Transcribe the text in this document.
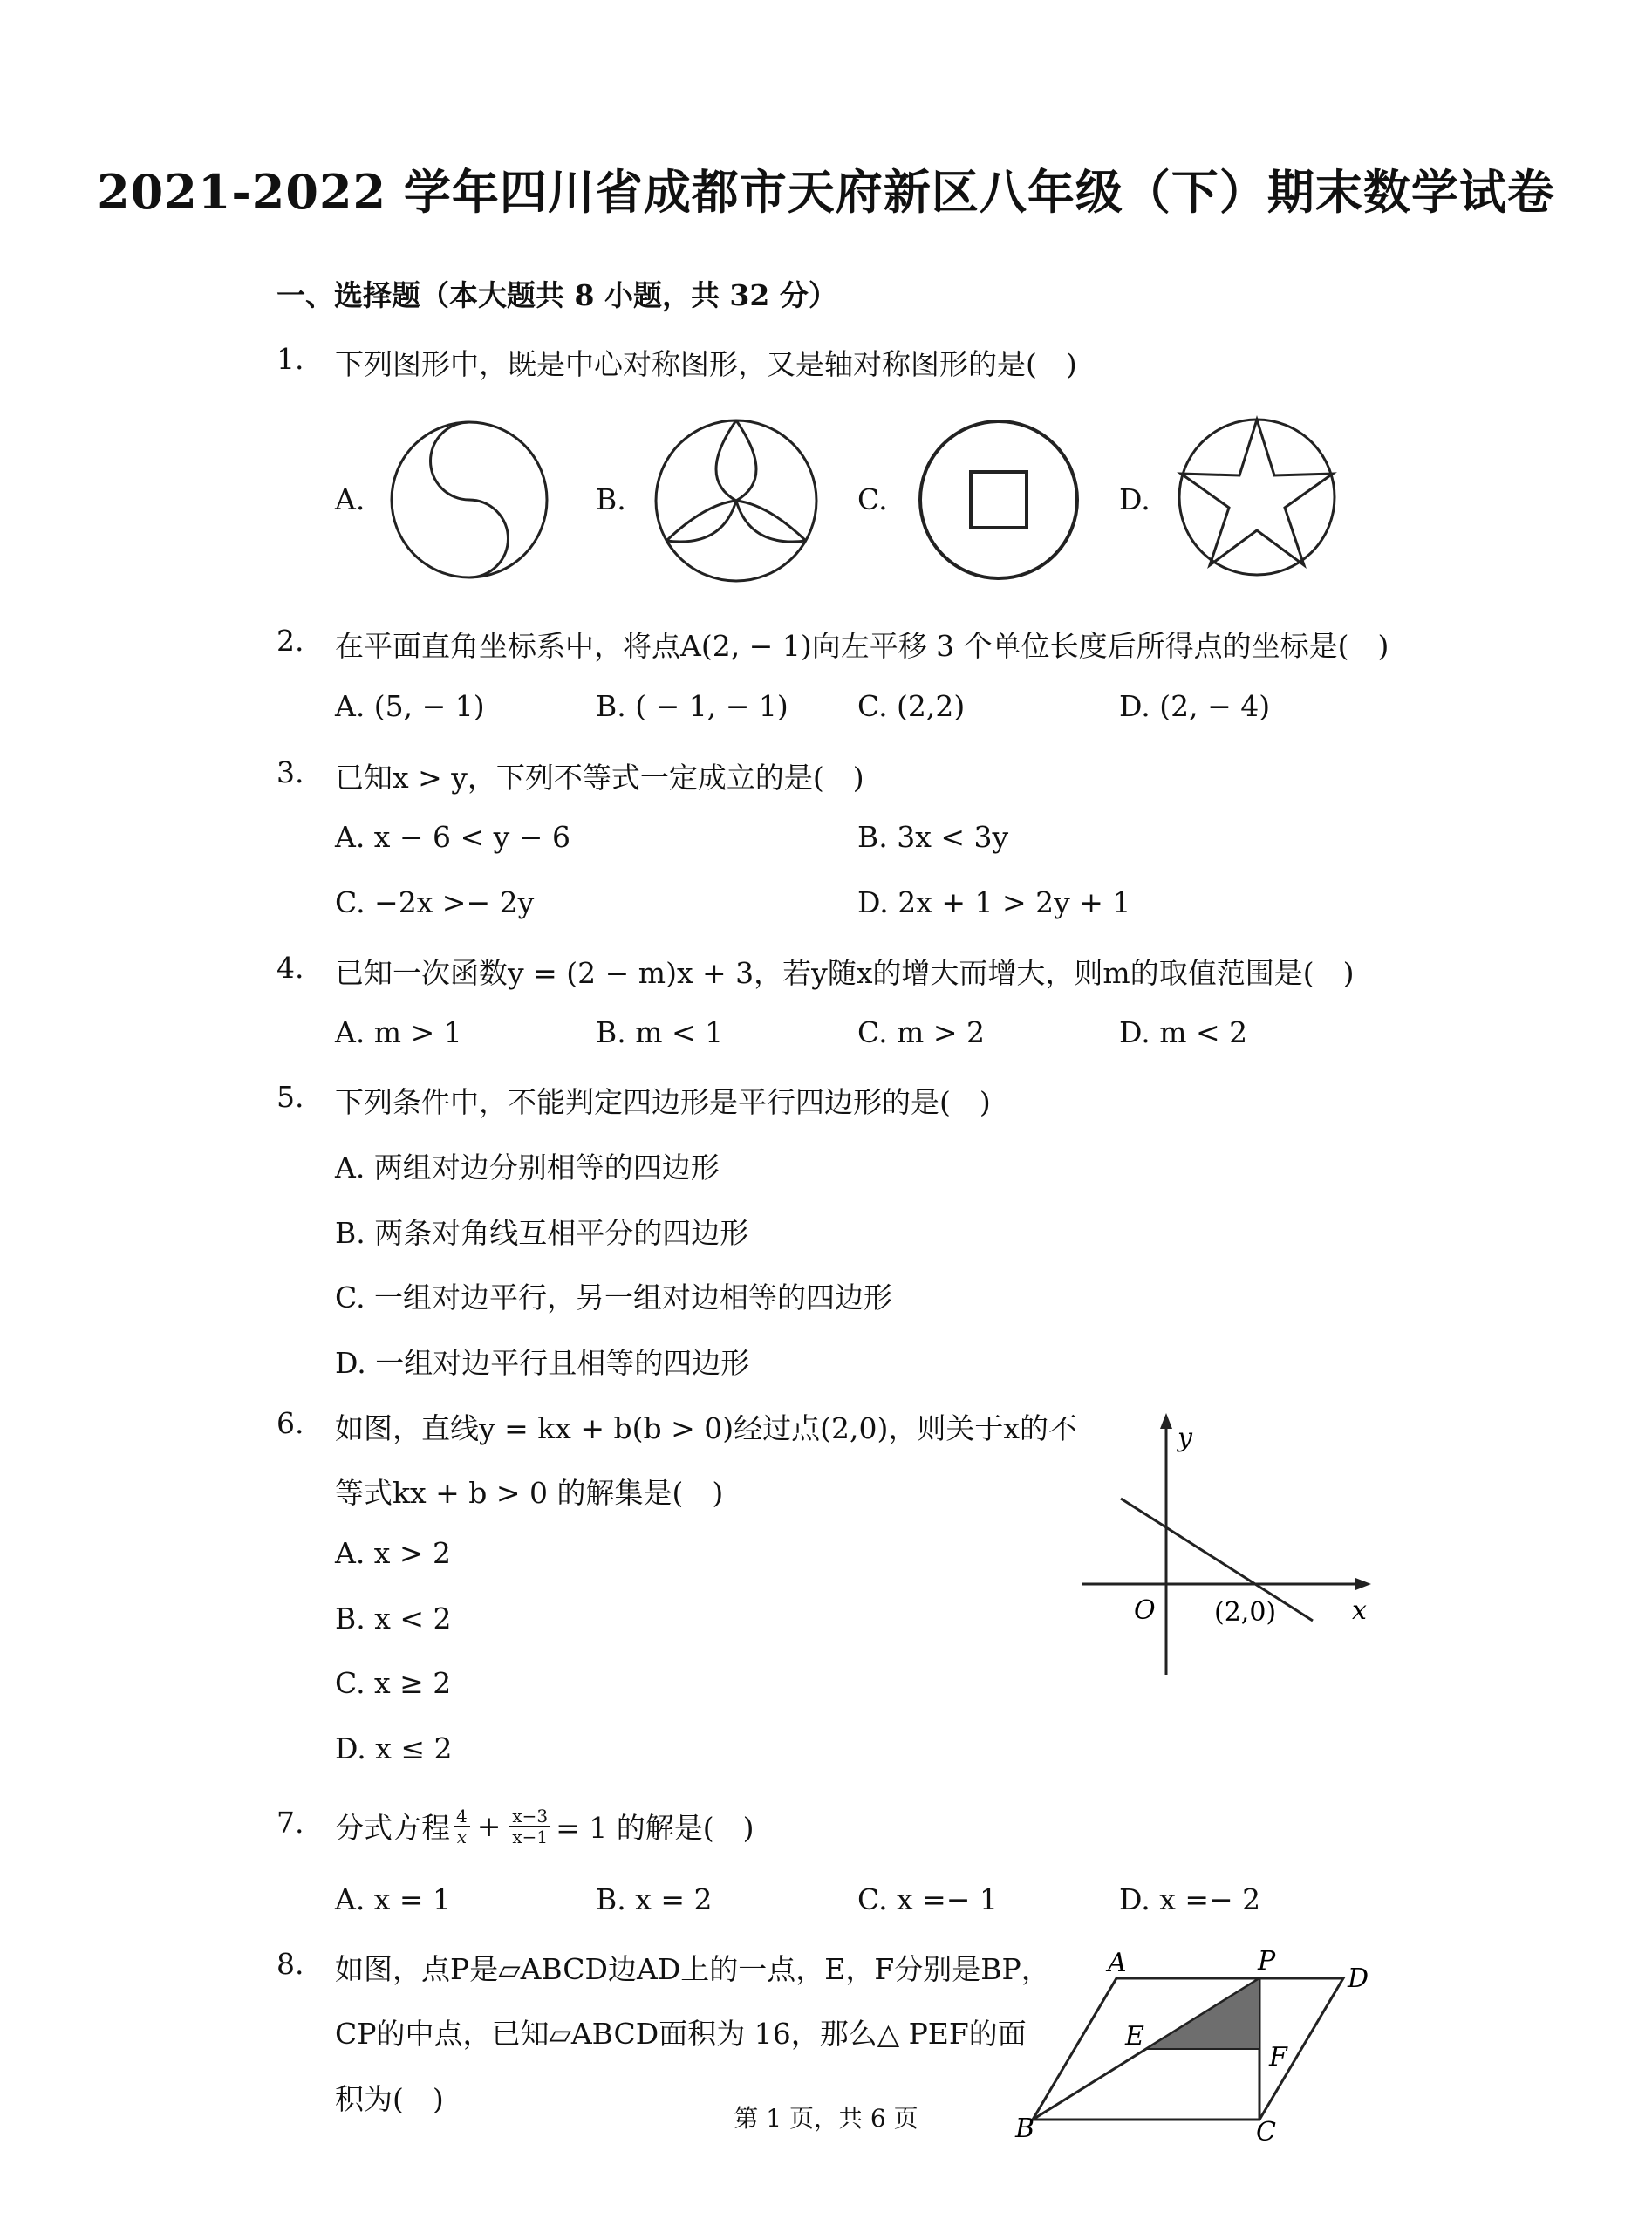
2021-2022 学年四川省成都市天府新区八年级（下）期末数学试卷
一、选择题（本大题共 8 小题，共 32 分）
1. 下列图形中，既是中心对称图形，又是轴对称图形的是(　)
A.	B.	C.	D.
2. 在平面直角坐标系中，将点A(2, − 1)向左平移 3 个单位长度后所得点的坐标是(　)
A. (5, − 1)	B. ( − 1, − 1) C. (2,2)	D. (2, − 4)
3. 已知x > y，下列不等式一定成立的是(　)
A. x − 6 < y − 6	B. 3x < 3y
C. −2x >− 2y	D. 2x + 1 > 2y + 1
4. 已知一次函数y = (2 − m)x + 3，若y随x的增大而增大，则m的取值范围是(　)
A. m > 1	B. m < 1	C. m > 2	D. m < 2
5. 下列条件中，不能判定四边形是平行四边形的是(　)
A. 两组对边分别相等的四边形
B. 两条对角线互相平分的四边形
C. 一组对边平行，另一组对边相等的四边形
D. 一组对边平行且相等的四边形
6. 如图，直线y = kx + b(b > 0)经过点(2,0)，则关于x的不
等式kx + b > 0 的解集是(　)
A. x > 2
B. x < 2
C. x ≥ 2
D. x ≤ 2
y
x
O (2,0)
7. 分式方程 $\frac{4}{x} + \frac{x-3}{x-1} = 1$ 的解是(　)
A. x = 1	B. x = 2	C. x =− 1	D. x =− 2
8. 如图，点P是▱ABCD边AD上的一点，E，F分别是BP，
CP的中点，已知▱ABCD面积为 16，那么△ PEF的面
积为(　)
A	P
D
E
F
B	C
第 1 页，共 6 页
